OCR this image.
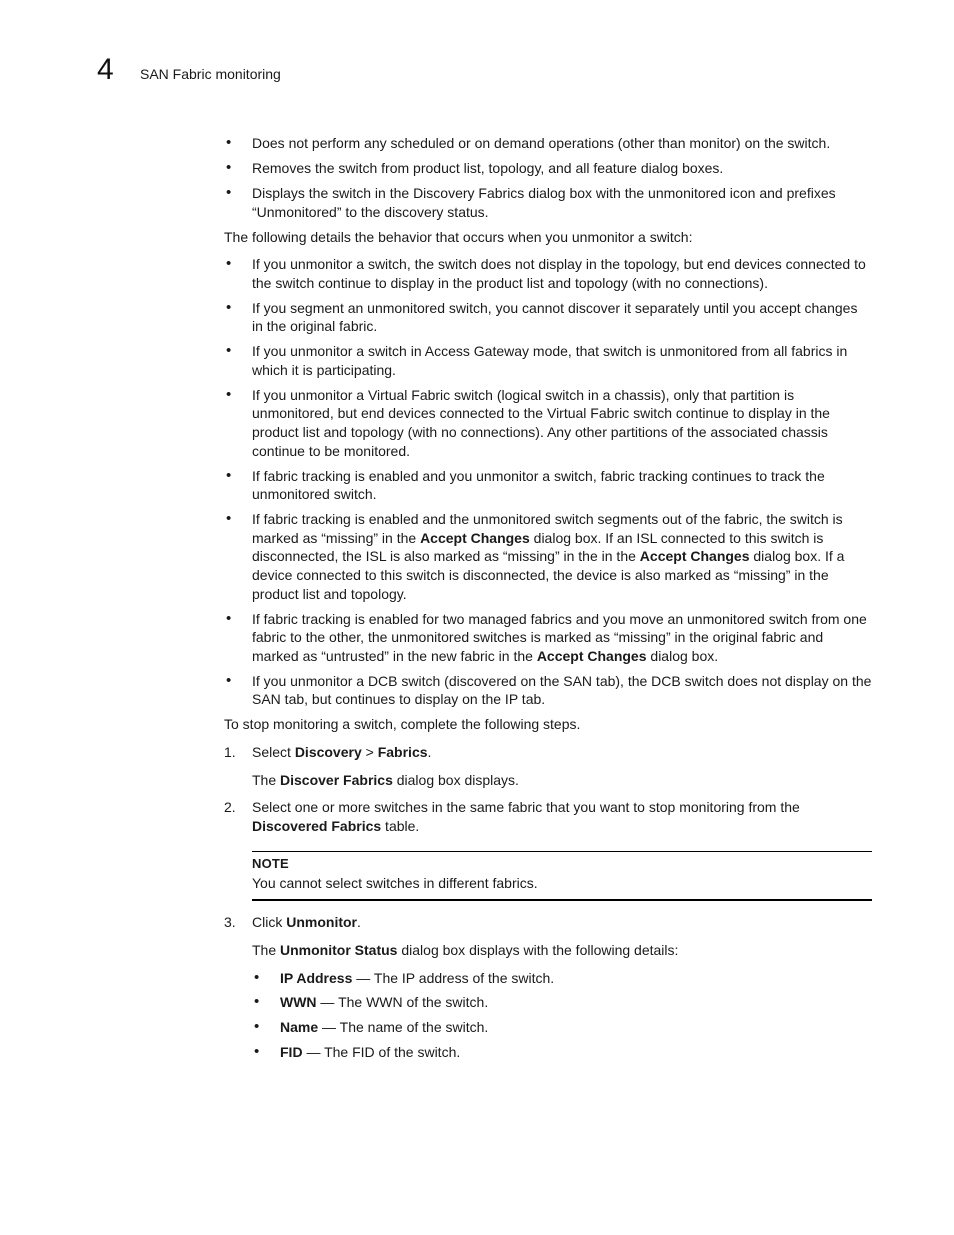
4 SAN Fabric monitoring
• Does not perform any scheduled or on demand operations (other than monitor) on the switch.
• Removes the switch from product list, topology, and all feature dialog boxes.
• Displays the switch in the Discovery Fabrics dialog box with the unmonitored icon and prefixes “Unmonitored” to the discovery status.

The following details the behavior that occurs when you unmonitor a switch:

• If you unmonitor a switch, the switch does not display in the topology, but end devices connected to the switch continue to display in the product list and topology (with no connections).
• If you segment an unmonitored switch, you cannot discover it separately until you accept changes in the original fabric.
• If you unmonitor a switch in Access Gateway mode, that switch is unmonitored from all fabrics in which it is participating.
• If you unmonitor a Virtual Fabric switch (logical switch in a chassis), only that partition is unmonitored, but end devices connected to the Virtual Fabric switch continue to display in the product list and topology (with no connections). Any other partitions of the associated chassis continue to be monitored.
• If fabric tracking is enabled and you unmonitor a switch, fabric tracking continues to track the unmonitored switch.
• If fabric tracking is enabled and the unmonitored switch segments out of the fabric, the switch is marked as “missing” in the Accept Changes dialog box. If an ISL connected to this switch is disconnected, the ISL is also marked as “missing” in the in the Accept Changes dialog box. If a device connected to this switch is disconnected, the device is also marked as “missing” in the product list and topology.
• If fabric tracking is enabled for two managed fabrics and you move an unmonitored switch from one fabric to the other, the unmonitored switches is marked as “missing” in the original fabric and marked as “untrusted” in the new fabric in the Accept Changes dialog box.
• If you unmonitor a DCB switch (discovered on the SAN tab), the DCB switch does not display on the SAN tab, but continues to display on the IP tab.

To stop monitoring a switch, complete the following steps.

1. Select Discovery > Fabrics.

The Discover Fabrics dialog box displays.

2. Select one or more switches in the same fabric that you want to stop monitoring from the Discovered Fabrics table.

NOTE
You cannot select switches in different fabrics.
3. Click Unmonitor.

The Unmonitor Status dialog box displays with the following details:

• IP Address — The IP address of the switch.
• WWN — The WWN of the switch.
• Name — The name of the switch.
• FID — The FID of the switch.
